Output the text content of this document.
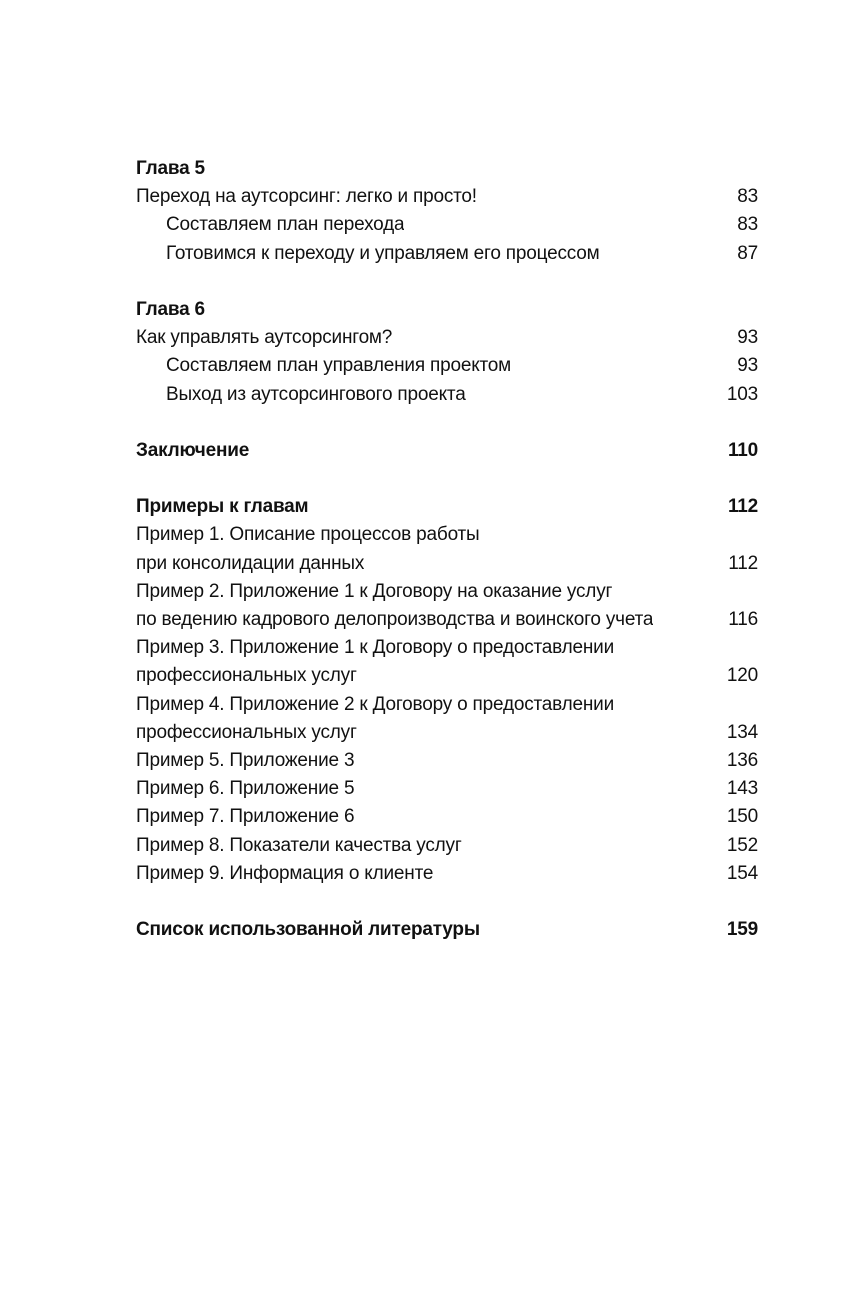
Глава 5
Переход на аутсорсинг: легко и просто!	83
Составляем план перехода	83
Готовимся к переходу и управляем его процессом	87
Глава 6
Как управлять аутсорсингом?	93
Составляем план управления проектом	93
Выход из аутсорсингового проекта	103
Заключение	110
Примеры к главам	112
Пример 1. Описание процессов работы
при консолидации данных	112
Пример 2. Приложение 1 к Договору на оказание услуг
по ведению кадрового делопроизводства и воинского учета	116
Пример 3. Приложение 1 к Договору о предоставлении
профессиональных услуг	120
Пример 4. Приложение 2 к Договору о предоставлении
профессиональных услуг	134
Пример 5. Приложение 3	136
Пример 6. Приложение 5	143
Пример 7. Приложение 6	150
Пример 8. Показатели качества услуг	152
Пример 9. Информация о клиенте	154
Список использованной литературы	159
